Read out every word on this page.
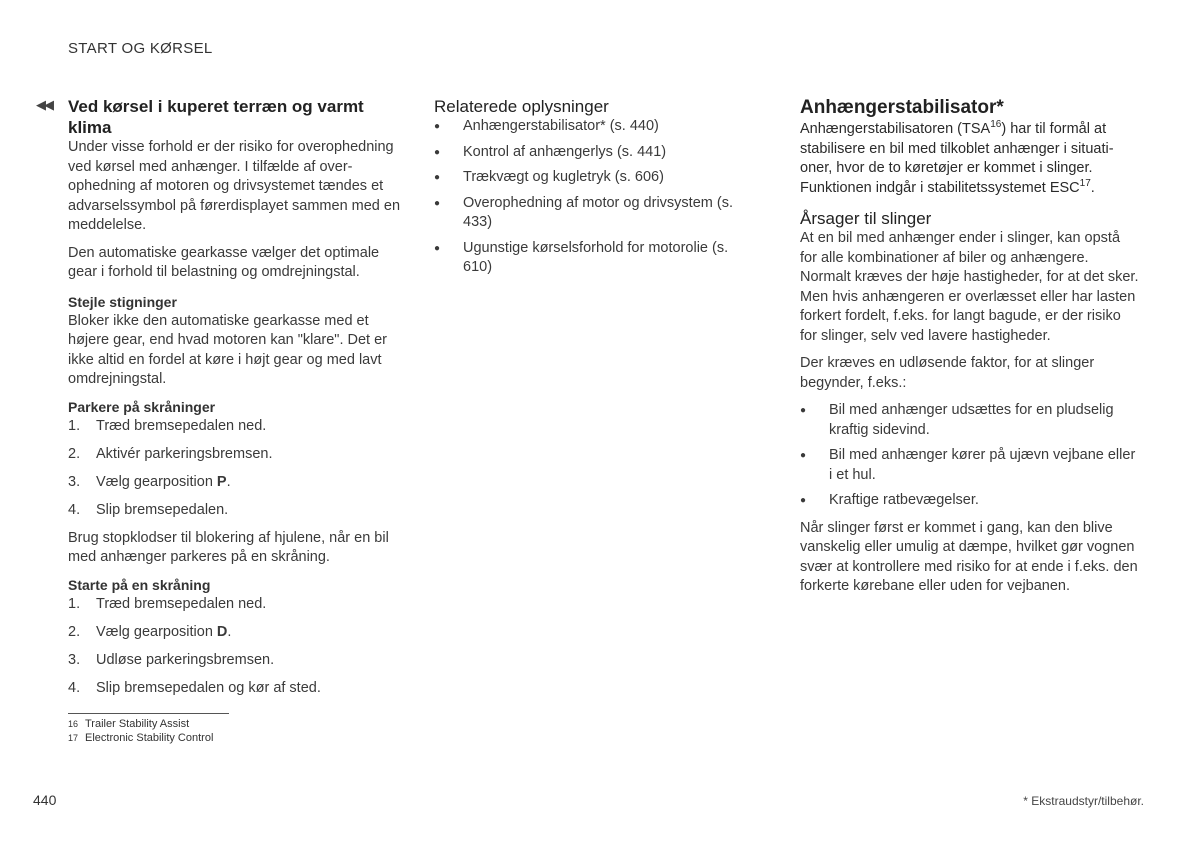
START OG KØRSEL
◀◀ Ved kørsel i kuperet terræn og varmt klima

Under visse forhold er der risiko for overophedning ved kørsel med anhænger. I tilfælde af overophedning af motoren og drivsystemet tændes et advarselssymbol på førerdisplayet sammen med en meddelelse.

Den automatiske gearkasse vælger det optimale gear i forhold til belastning og omdrejningstal.

Stejle stigninger

Bloker ikke den automatiske gearkasse med et højere gear, end hvad motoren kan "klare". Det er ikke altid en fordel at køre i højt gear og med lavt omdrejningstal.

Parkere på skråninger
1.	Træd bremsepedalen ned.
2.	Aktivér parkeringsbremsen.
3.	Vælg gearposition P.
4.	Slip bremsepedalen.

Brug stopklodser til blokering af hjulene, når en bil med anhænger parkeres på en skråning.

Starte på en skråning
1.	Træd bremsepedalen ned.
2.	Vælg gearposition D.
3.	Udløse parkeringsbremsen.
4.	Slip bremsepedalen og kør af sted.
Relaterede oplysninger
●	Anhængerstabilisator* (s. 440)
●	Kontrol af anhængerlys (s. 441)
●	Trækvægt og kugletryk (s. 606)
●	Overophedning af motor og drivsystem (s. 433)
●	Ugunstige kørselsforhold for motorolie (s. 610)
Anhængerstabilisator*

Anhængerstabilisatoren (TSA$^{16}$) har til formål at stabilisere en bil med tilkoblet anhænger i situationer, hvor de to køretøjer er kommet i slinger. Funktionen indgår i stabilitetssystemet ESC$^{17}$.

Årsager til slinger

At en bil med anhænger ender i slinger, kan opstå for alle kombinationer af biler og anhængere. Normalt kræves der høje hastigheder, for at det sker. Men hvis anhængeren er overlæsset eller har lasten forkert fordelt, f.eks. for langt bagude, er der risiko for slinger, selv ved lavere hastigheder.

Der kræves en udløsende faktor, for at slinger begynder, f.eks.:

●	Bil med anhænger udsættes for en pludselig kraftig sidevind.
●	Bil med anhænger kører på ujævn vejbane eller i et hul.
●	Kraftige ratbevægelser.

Når slinger først er kommet i gang, kan den blive vanskelig eller umulig at dæmpe, hvilket gør vognen svær at kontrollere med risiko for at ende i f.eks. den forkerte kørebane eller uden for vejbanen.

16 Trailer Stability Assist
17 Electronic Stability Control
440	* Ekstraudstyr/tilbehør.
